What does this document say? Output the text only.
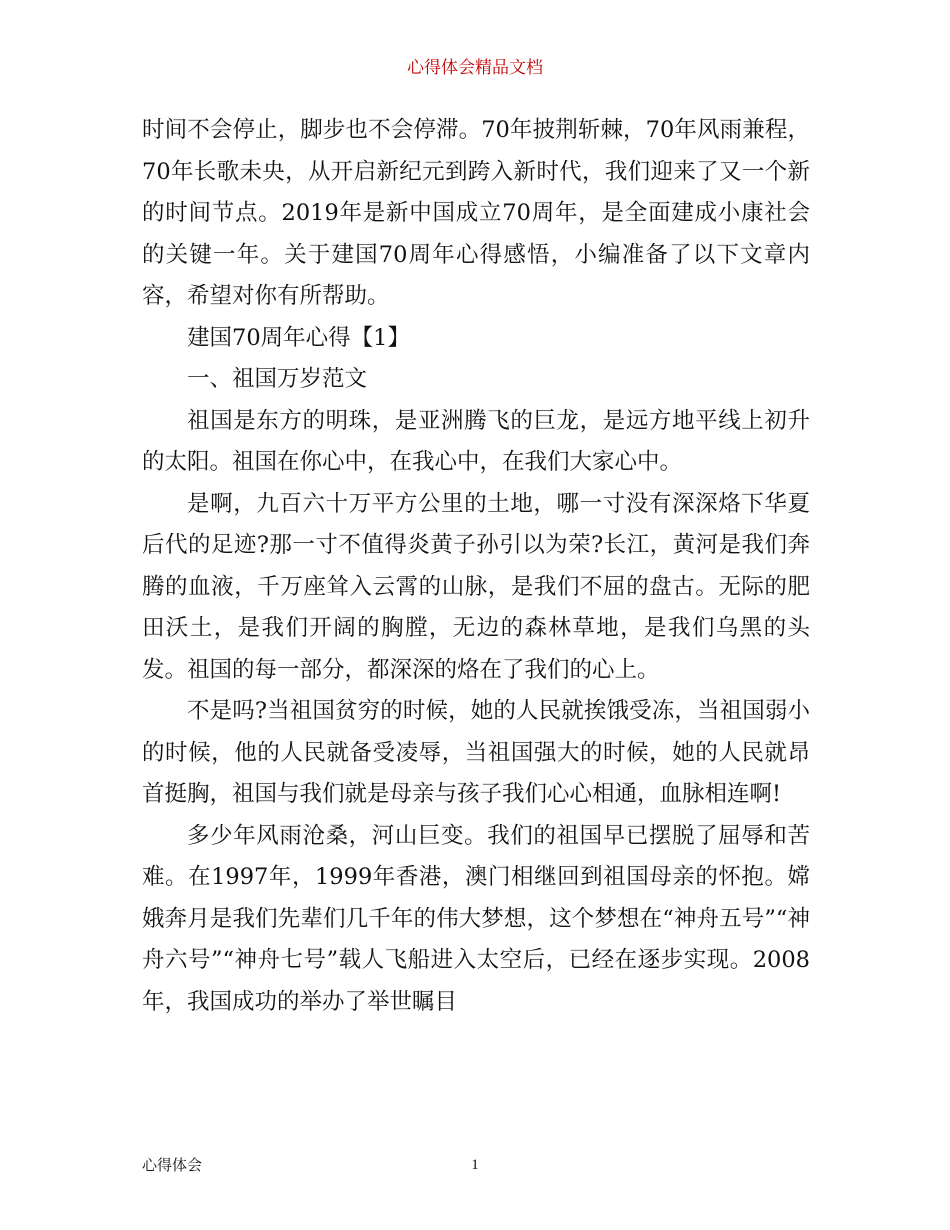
心得体会精品文档

时间不会停止，脚步也不会停滞。70年披荆斩棘，70年风雨兼程，70年长歌未央，从开启新纪元到跨入新时代，我们迎来了又一个新的时间节点。2019年是新中国成立70周年，是全面建成小康社会的关键一年。关于建国70周年心得感悟，小编准备了以下文章内容，希望对你有所帮助。

建国70周年心得【1】

一、祖国万岁范文

祖国是东方的明珠，是亚洲腾飞的巨龙，是远方地平线上初升的太阳。祖国在你心中，在我心中，在我们大家心中。

是啊，九百六十万平方公里的土地，哪一寸没有深深烙下华夏后代的足迹?那一寸不值得炎黄子孙引以为荣?长江，黄河是我们奔腾的血液，千万座耸入云霄的山脉，是我们不屈的盘古。无际的肥田沃土，是我们开阔的胸膛，无边的森林草地，是我们乌黑的头发。祖国的每一部分，都深深的烙在了我们的心上。

不是吗?当祖国贫穷的时候，她的人民就挨饿受冻，当祖国弱小的时候，他的人民就备受凌辱，当祖国强大的时候，她的人民就昂首挺胸，祖国与我们就是母亲与孩子我们心心相通，血脉相连啊!

多少年风雨沧桑，河山巨变。我们的祖国早已摆脱了屈辱和苦难。在1997年，1999年香港，澳门相继回到祖国母亲的怀抱。嫦娥奔月是我们先辈们几千年的伟大梦想，这个梦想在“神舟五号”“神舟六号”“神舟七号”载人飞船进入太空后，已经在逐步实现。2008年，我国成功的举办了举世瞩目

心得体会	1
